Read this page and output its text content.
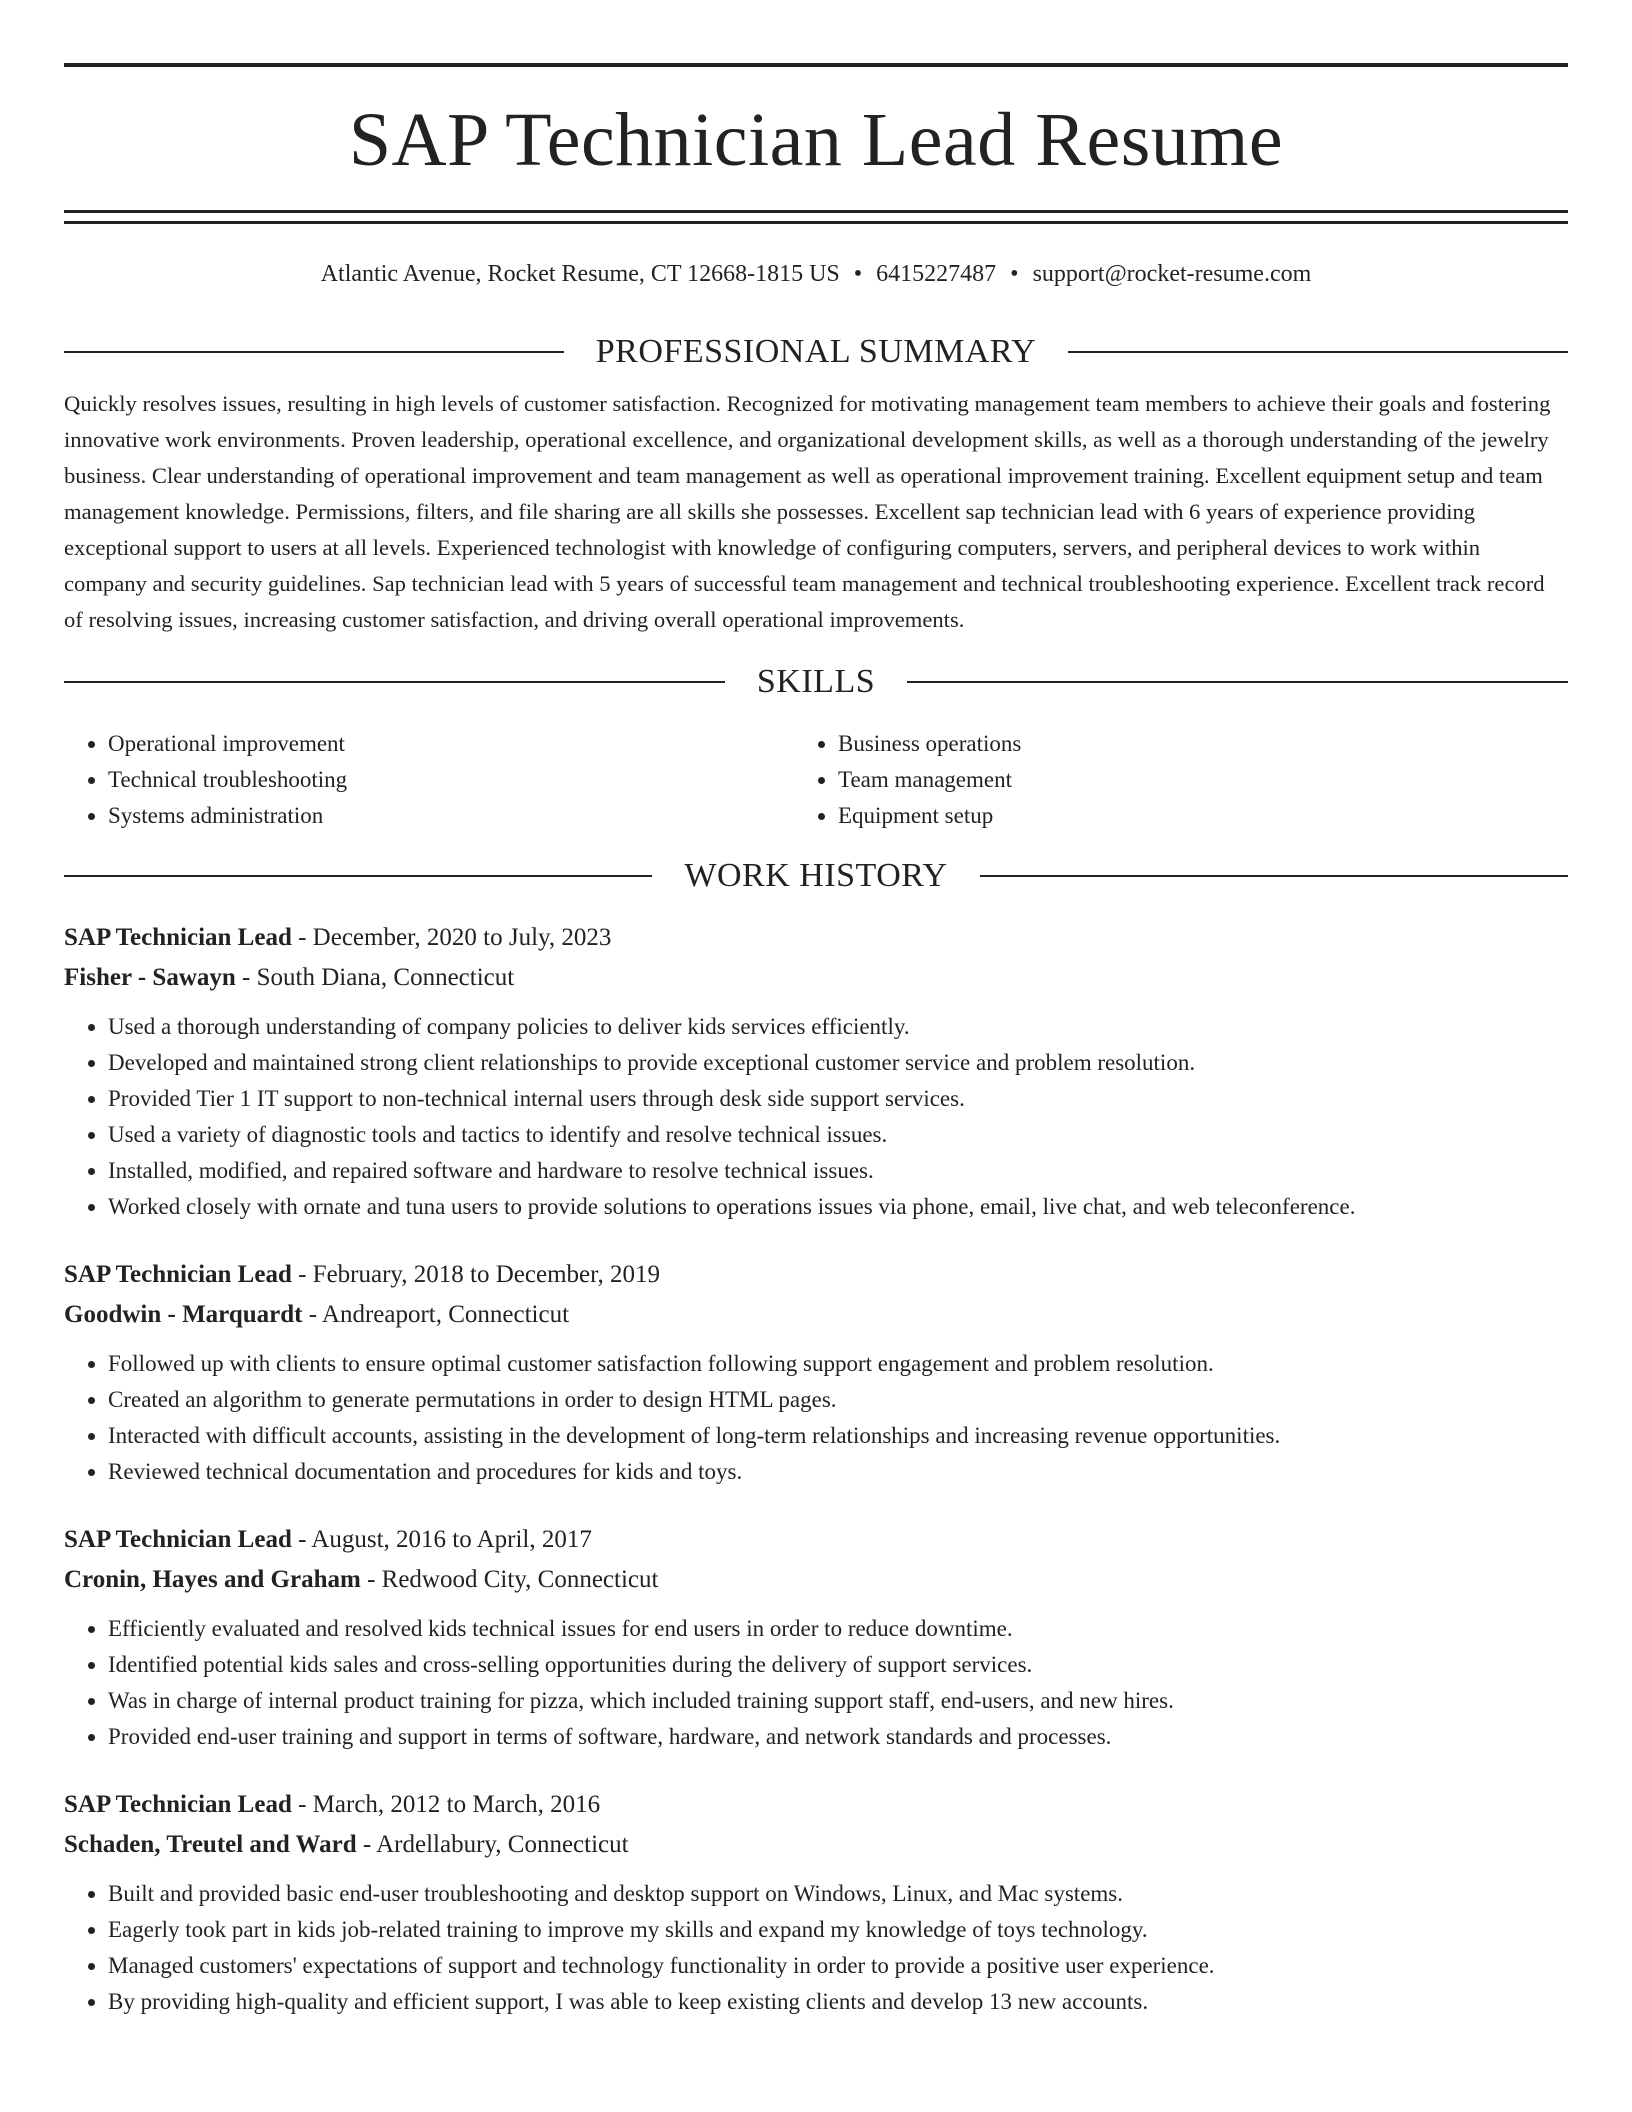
SAP Technician Lead Resume
Atlantic Avenue, Rocket Resume, CT 12668-1815 US • 6415227487 • support@rocket-resume.com
PROFESSIONAL SUMMARY
Quickly resolves issues, resulting in high levels of customer satisfaction. Recognized for motivating management team members to achieve their goals and fostering innovative work environments. Proven leadership, operational excellence, and organizational development skills, as well as a thorough understanding of the jewelry business. Clear understanding of operational improvement and team management as well as operational improvement training. Excellent equipment setup and team management knowledge. Permissions, filters, and file sharing are all skills she possesses. Excellent sap technician lead with 6 years of experience providing exceptional support to users at all levels. Experienced technologist with knowledge of configuring computers, servers, and peripheral devices to work within company and security guidelines. Sap technician lead with 5 years of successful team management and technical troubleshooting experience. Excellent track record of resolving issues, increasing customer satisfaction, and driving overall operational improvements.
SKILLS
• Operational improvement
• Technical troubleshooting
• Systems administration
• Business operations
• Team management
• Equipment setup
WORK HISTORY
SAP Technician Lead - December, 2020 to July, 2023
Fisher - Sawayn - South Diana, Connecticut
• Used a thorough understanding of company policies to deliver kids services efficiently.
• Developed and maintained strong client relationships to provide exceptional customer service and problem resolution.
• Provided Tier 1 IT support to non-technical internal users through desk side support services.
• Used a variety of diagnostic tools and tactics to identify and resolve technical issues.
• Installed, modified, and repaired software and hardware to resolve technical issues.
• Worked closely with ornate and tuna users to provide solutions to operations issues via phone, email, live chat, and web teleconference.
SAP Technician Lead - February, 2018 to December, 2019
Goodwin - Marquardt - Andreaport, Connecticut
• Followed up with clients to ensure optimal customer satisfaction following support engagement and problem resolution.
• Created an algorithm to generate permutations in order to design HTML pages.
• Interacted with difficult accounts, assisting in the development of long-term relationships and increasing revenue opportunities.
• Reviewed technical documentation and procedures for kids and toys.
SAP Technician Lead - August, 2016 to April, 2017
Cronin, Hayes and Graham - Redwood City, Connecticut
• Efficiently evaluated and resolved kids technical issues for end users in order to reduce downtime.
• Identified potential kids sales and cross-selling opportunities during the delivery of support services.
• Was in charge of internal product training for pizza, which included training support staff, end-users, and new hires.
• Provided end-user training and support in terms of software, hardware, and network standards and processes.
SAP Technician Lead - March, 2012 to March, 2016
Schaden, Treutel and Ward - Ardellabury, Connecticut
• Built and provided basic end-user troubleshooting and desktop support on Windows, Linux, and Mac systems.
• Eagerly took part in kids job-related training to improve my skills and expand my knowledge of toys technology.
• Managed customers' expectations of support and technology functionality in order to provide a positive user experience.
• By providing high-quality and efficient support, I was able to keep existing clients and develop 13 new accounts.
